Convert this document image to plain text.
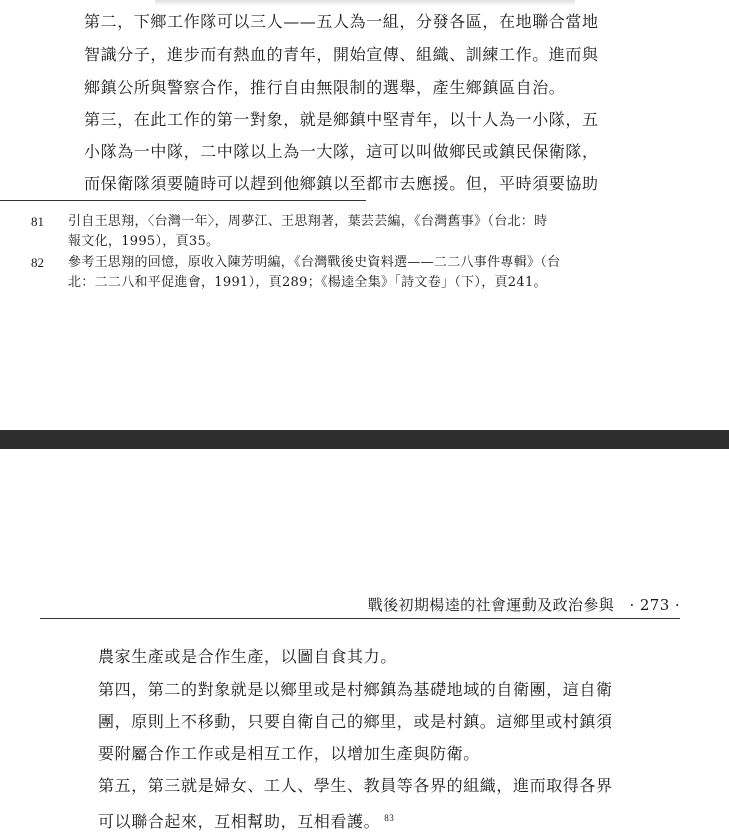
第二，下鄉工作隊可以三人——五人為一組，分發各區，在地聯合當地
智識分子，進步而有熱血的青年，開始宣傳、組織、訓練工作。進而與
鄉鎮公所與警察合作，推行自由無限制的選舉，產生鄉鎮區自治。
第三，在此工作的第一對象，就是鄉鎮中堅青年，以十人為一小隊，五
小隊為一中隊，二中隊以上為一大隊，這可以叫做鄉民或鎮民保衛隊，
而保衛隊須要隨時可以趕到他鄉鎮以至都市去應援。但，平時須要協助
81 引自王思翔，〈台灣一年〉，周夢江、王思翔著，葉芸芸編，《台灣舊事》（台北：時
報文化，1995），頁35。
82 參考王思翔的回憶，原收入陳芳明編，《台灣戰後史資料選——二二八事件專輯》（台
北：二二八和平促進會，1991），頁289；《楊逵全集》「詩文卷」（下），頁241。
戰後初期楊逵的社會運動及政治參與　· 273 ·
農家生產或是合作生產，以圖自食其力。
第四，第二的對象就是以鄉里或是村鄉鎮為基礎地域的自衛團，這自衛
團，原則上不移動，只要自衛自己的鄉里，或是村鎮。這鄉里或村鎮須
要附屬合作工作或是相互工作，以增加生產與防衛。
第五，第三就是婦女、工人、學生、教員等各界的組織，進而取得各界
可以聯合起來，互相幫助，互相看護。 $^{83}$
